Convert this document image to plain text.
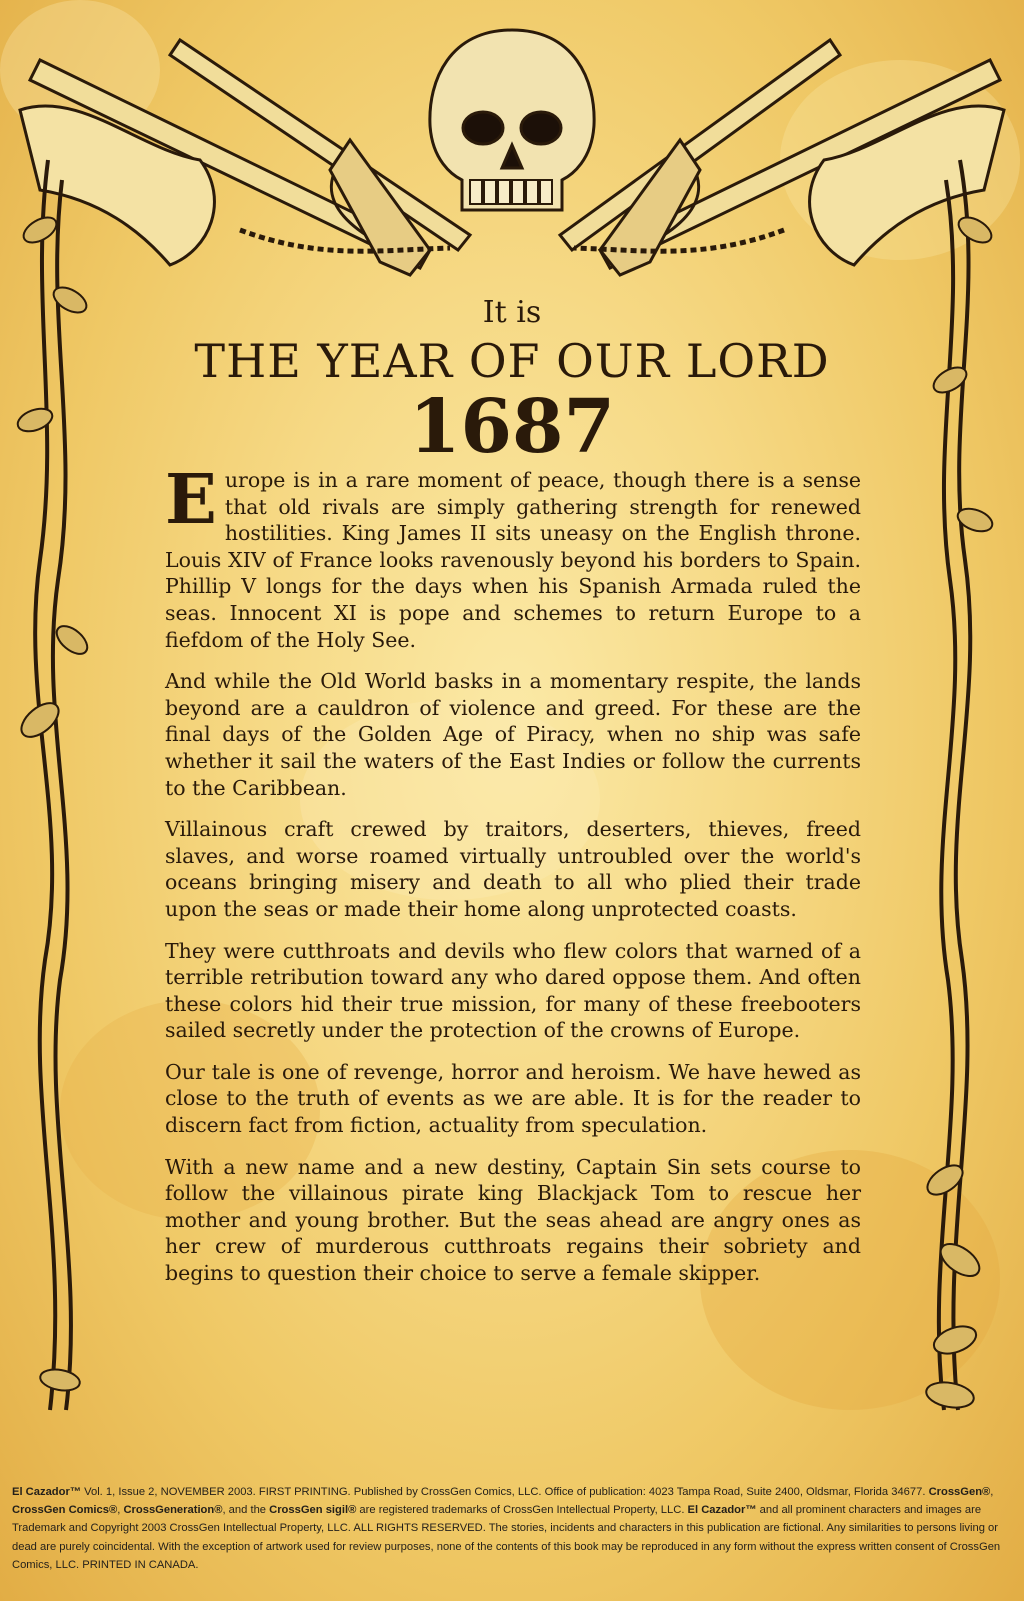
It is
THE YEAR OF OUR LORD
1687

Europe is in a rare moment of peace, though there is a sense that old rivals are simply gathering strength for renewed hostilities. King James II sits uneasy on the English throne. Louis XIV of France looks ravenously beyond his borders to Spain. Phillip V longs for the days when his Spanish Armada ruled the seas. Innocent XI is pope and schemes to return Europe to a fiefdom of the Holy See.

And while the Old World basks in a momentary respite, the lands beyond are a cauldron of violence and greed. For these are the final days of the Golden Age of Piracy, when no ship was safe whether it sail the waters of the East Indies or follow the currents to the Caribbean.

Villainous craft crewed by traitors, deserters, thieves, freed slaves, and worse roamed virtually untroubled over the world's oceans bringing misery and death to all who plied their trade upon the seas or made their home along unprotected coasts.

They were cutthroats and devils who flew colors that warned of a terrible retribution toward any who dared oppose them. And often these colors hid their true mission, for many of these freebooters sailed secretly under the protection of the crowns of Europe.

Our tale is one of revenge, horror and heroism. We have hewed as close to the truth of events as we are able. It is for the reader to discern fact from fiction, actuality from speculation.

With a new name and a new destiny, Captain Sin sets course to follow the villainous pirate king Blackjack Tom to rescue her mother and young brother. But the seas ahead are angry ones as her crew of murderous cutthroats regains their sobriety and begins to question their choice to serve a female skipper.

El Cazador™ Vol. 1, Issue 2, NOVEMBER 2003. FIRST PRINTING. Published by CrossGen Comics, LLC. Office of publication: 4023 Tampa Road, Suite 2400, Oldsmar, Florida 34677. CrossGen®, CrossGen Comics®, CrossGeneration®, and the CrossGen sigil® are registered trademarks of CrossGen Intellectual Property, LLC. El Cazador™ and all prominent characters and images are Trademark and Copyright 2003 CrossGen Intellectual Property, LLC. ALL RIGHTS RESERVED. The stories, incidents and characters in this publication are fictional. Any similarities to persons living or dead are purely coincidental. With the exception of artwork used for review purposes, none of the contents of this book may be reproduced in any form without the express written consent of CrossGen Comics, LLC. PRINTED IN CANADA.
